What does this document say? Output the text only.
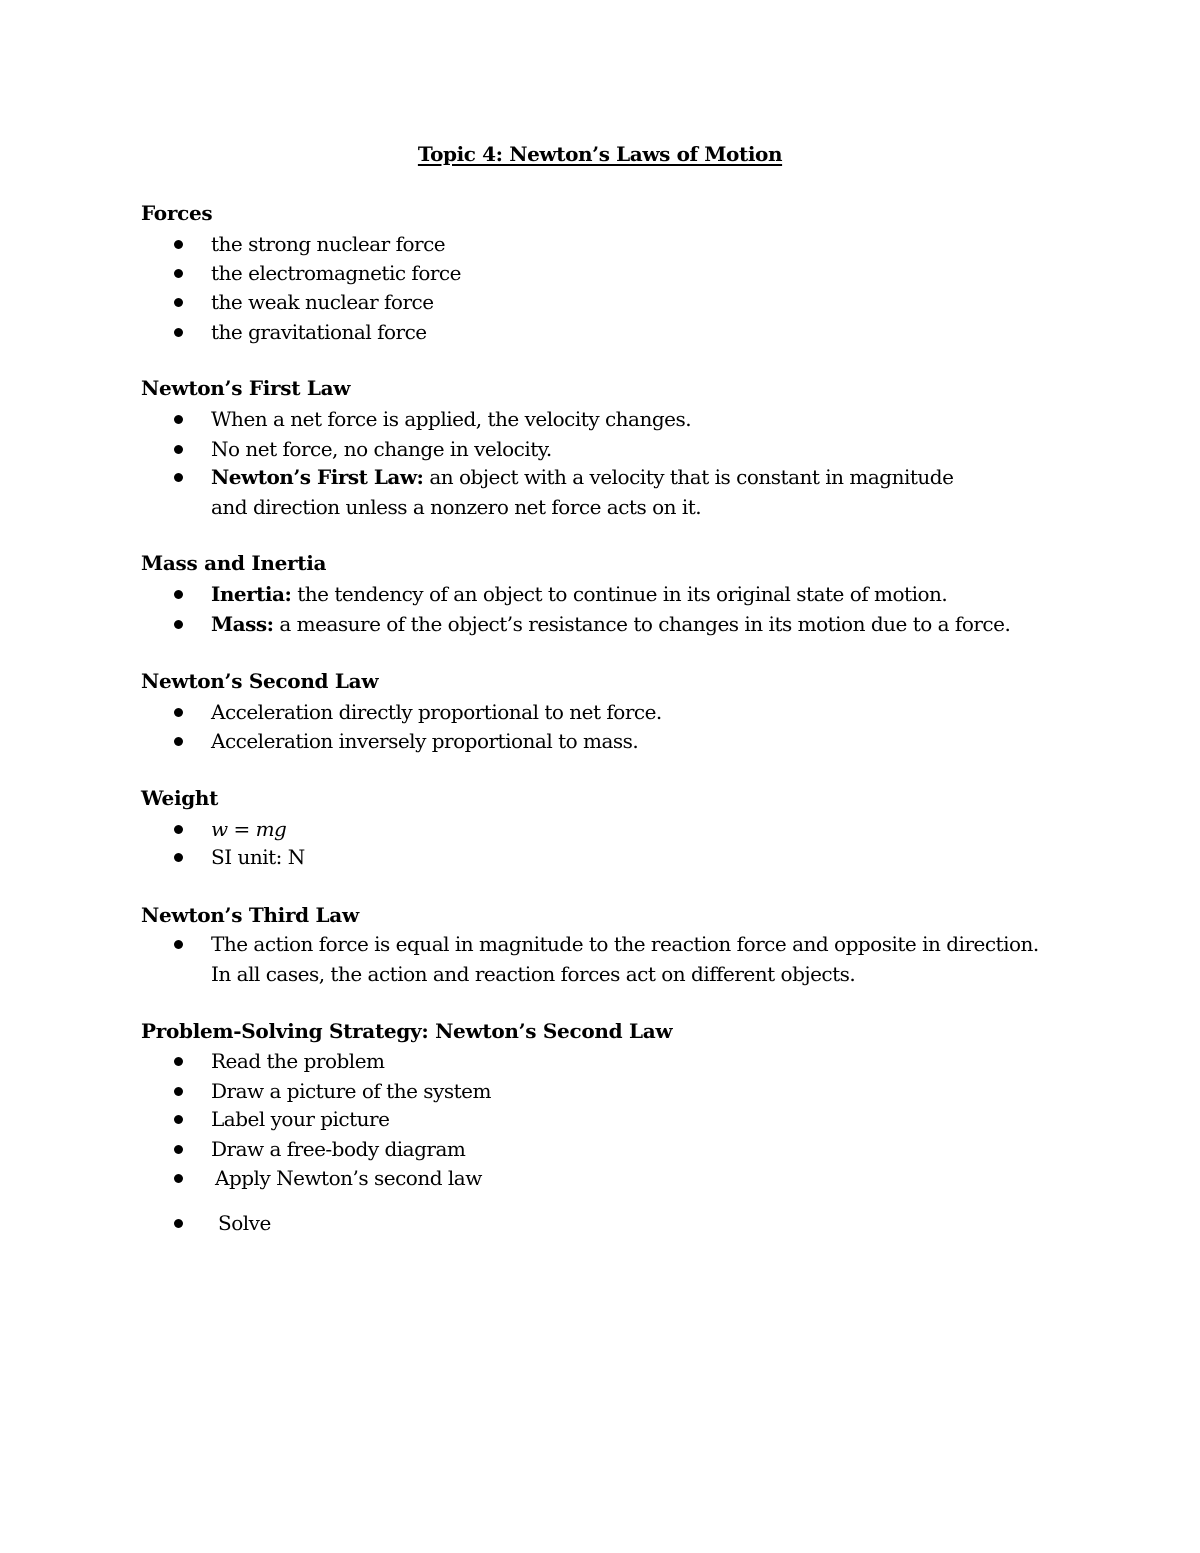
Topic 4: Newton’s Laws of Motion
Forces
the strong nuclear force
the electromagnetic force
the weak nuclear force
the gravitational force
Newton’s First Law
When a net force is applied, the velocity changes.
No net force, no change in velocity.
Newton’s First Law: an object with a velocity that is constant in magnitude and direction unless a nonzero net force acts on it.
Mass and Inertia
Inertia: the tendency of an object to continue in its original state of motion.
Mass: a measure of the object’s resistance to changes in its motion due to a force.
Newton’s Second Law
Acceleration directly proportional to net force.
Acceleration inversely proportional to mass.
Weight
w = mg
SI unit: N
Newton’s Third Law
The action force is equal in magnitude to the reaction force and opposite in direction. In all cases, the action and reaction forces act on different objects.
Problem-Solving Strategy: Newton’s Second Law
Read the problem
Draw a picture of the system
Label your picture
Draw a free-body diagram
Apply Newton’s second law
Solve
